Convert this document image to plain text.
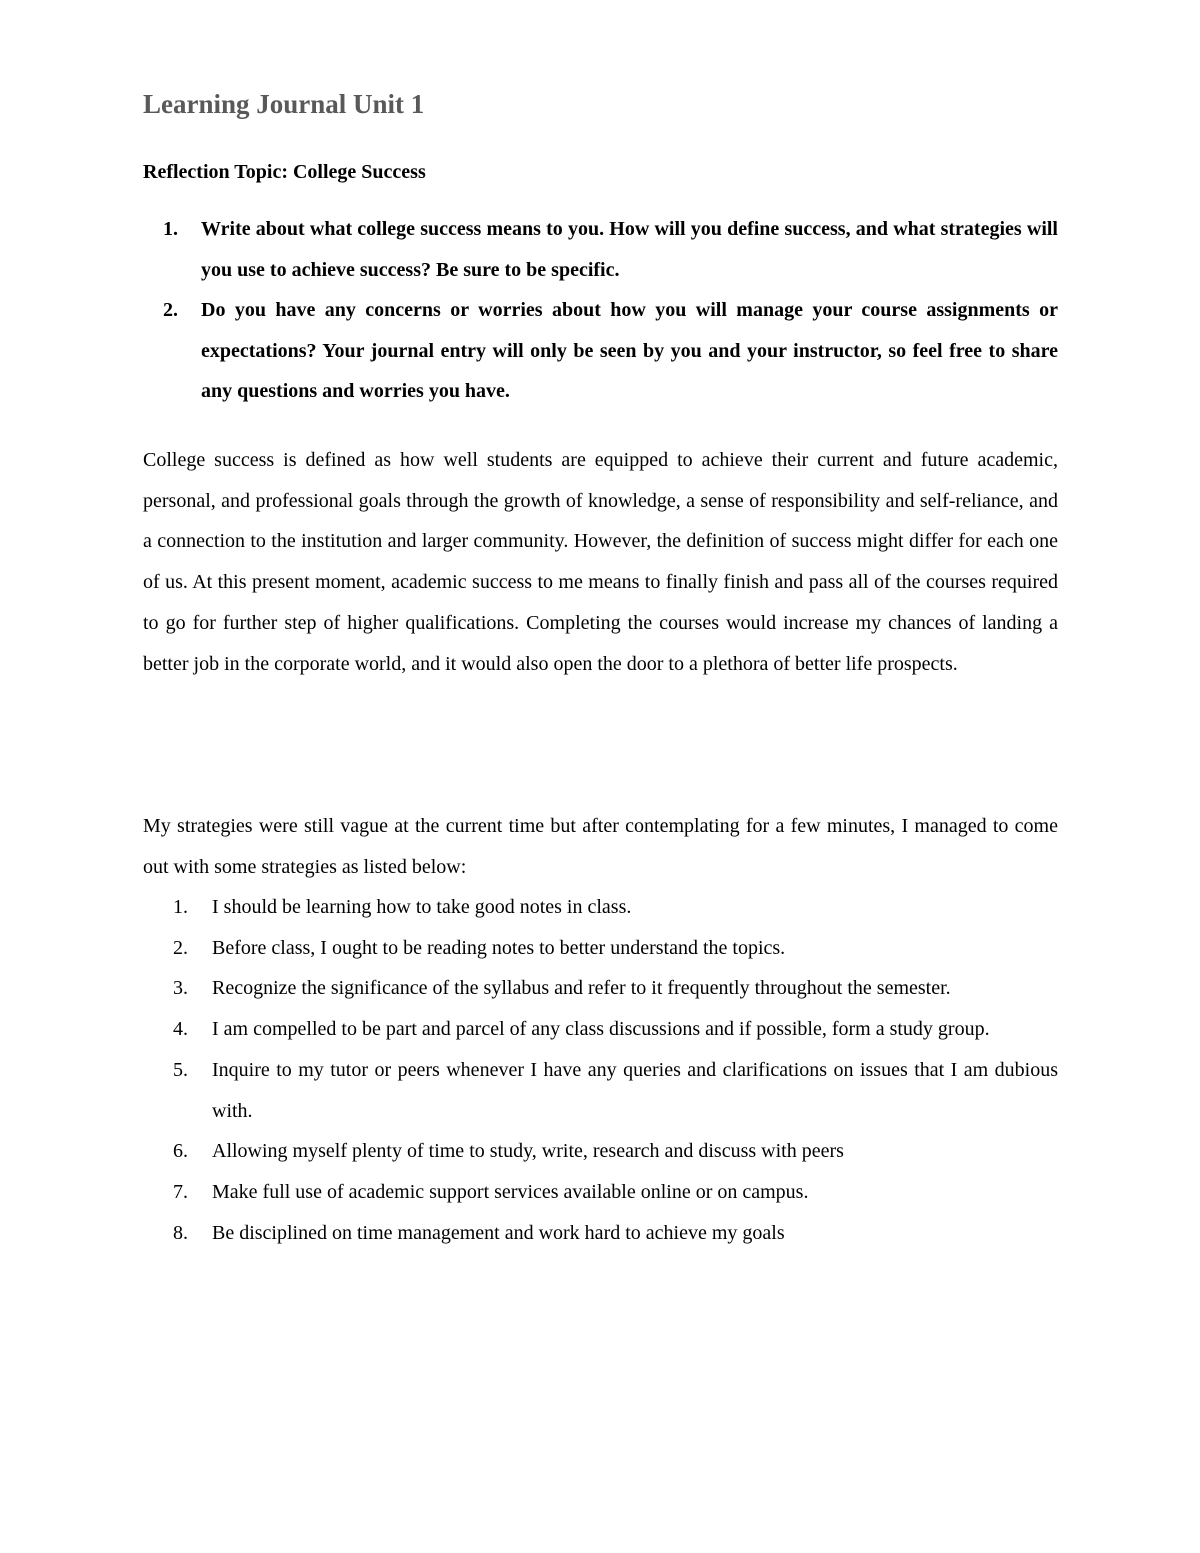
Learning Journal Unit 1

Reflection Topic: College Success

1. Write about what college success means to you. How will you define success, and what strategies will you use to achieve success? Be sure to be specific.
2. Do you have any concerns or worries about how you will manage your course assignments or expectations? Your journal entry will only be seen by you and your instructor, so feel free to share any questions and worries you have.

College success is defined as how well students are equipped to achieve their current and future academic, personal, and professional goals through the growth of knowledge, a sense of responsibility and self-reliance, and a connection to the institution and larger community. However, the definition of success might differ for each one of us. At this present moment, academic success to me means to finally finish and pass all of the courses required to go for further step of higher qualifications. Completing the courses would increase my chances of landing a better job in the corporate world, and it would also open the door to a plethora of better life prospects.

My strategies were still vague at the current time but after contemplating for a few minutes, I managed to come out with some strategies as listed below:

1. I should be learning how to take good notes in class.
2. Before class, I ought to be reading notes to better understand the topics.
3. Recognize the significance of the syllabus and refer to it frequently throughout the semester.
4. I am compelled to be part and parcel of any class discussions and if possible, form a study group.
5. Inquire to my tutor or peers whenever I have any queries and clarifications on issues that I am dubious with.
6. Allowing myself plenty of time to study, write, research and discuss with peers
7. Make full use of academic support services available online or on campus.
8. Be disciplined on time management and work hard to achieve my goals
